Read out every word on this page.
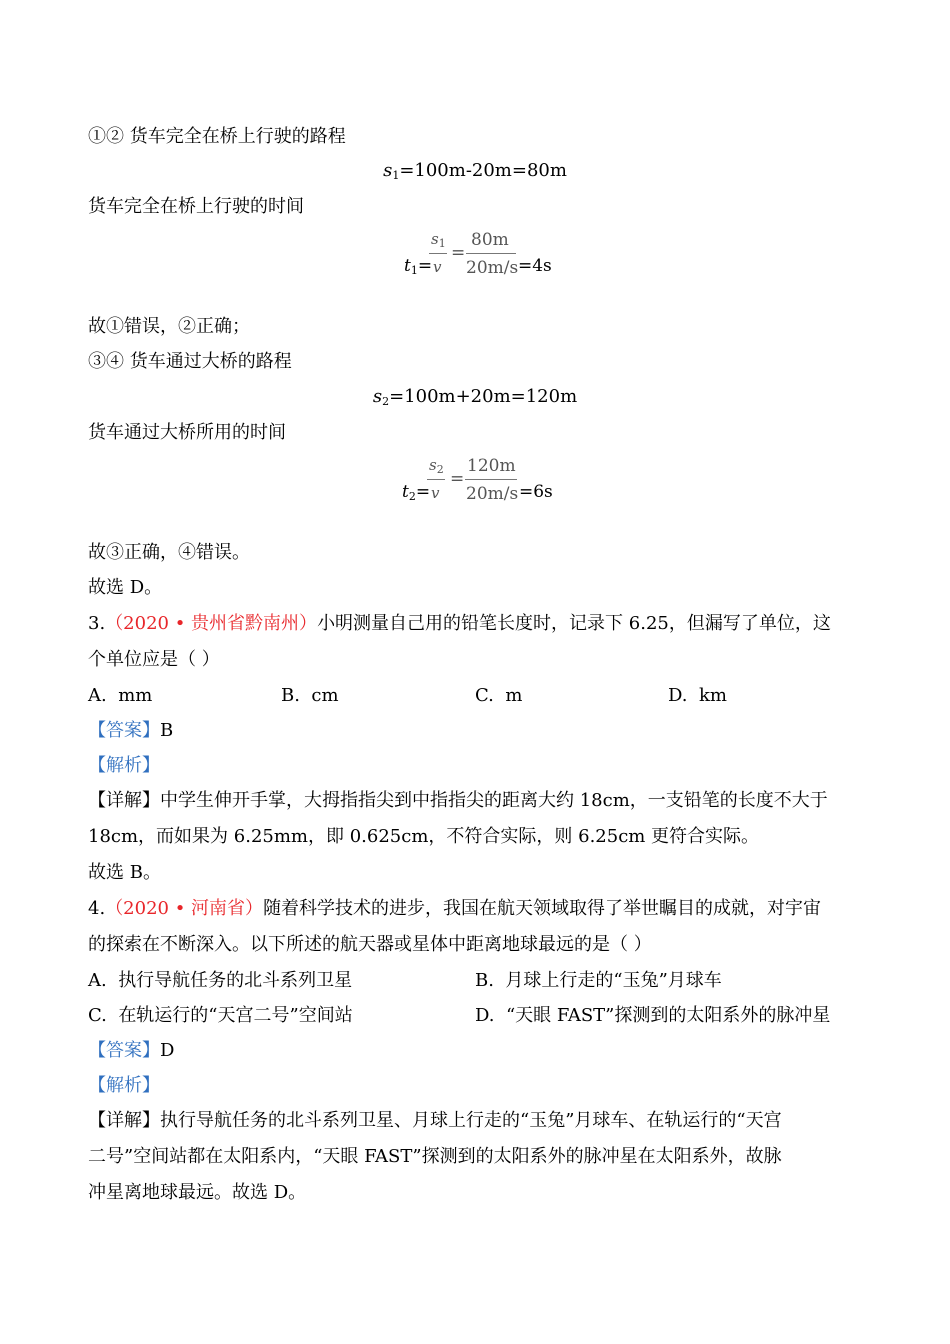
①② 货车完全在桥上行驶的路程
$s_1=100m-20m=80m$
货车完全在桥上行驶的时间
$t_1=$
$s_1$
v
=
80m
20m/s =4s
故①错误，②正确；
③④ 货车通过大桥的路程
$s_2=100m+20m=120m$
货车通过大桥所用的时间
$t_2=$
$s_2$
v
=
120m
20m/s =6s
故③正确，④错误。
故选 D。
3.（2020 • 贵州省黔南州）小明测量自己用的铅笔长度时，记录下 6.25，但漏写了单位，这
个单位应是（ ）
A. mm	B. cm	C. m	D. km
【答案】B
【解析】
【详解】中学生伸开手掌，大拇指指尖到中指指尖的距离大约 18cm，一支铅笔的长度不大于
18cm，而如果为 6.25mm，即 0.625cm，不符合实际，则 6.25cm 更符合实际。
故选 B。
4.（2020 • 河南省）随着科学技术的进步，我国在航天领域取得了举世瞩目的成就，对宇宙
的探索在不断深入。以下所述的航天器或星体中距离地球最远的是（ ）
A. 执行导航任务的北斗系列卫星	B. 月球上行走的“玉兔”月球车
C. 在轨运行的“天宫二号”空间站	D. “天眼 FAST”探测到的太阳系外的脉冲星
【答案】D
【解析】
【详解】执行导航任务的北斗系列卫星、月球上行走的“玉兔”月球车、在轨运行的“天宫
二号”空间站都在太阳系内，“天眼 FAST”探测到的太阳系外的脉冲星在太阳系外，故脉
冲星离地球最远。故选 D。
